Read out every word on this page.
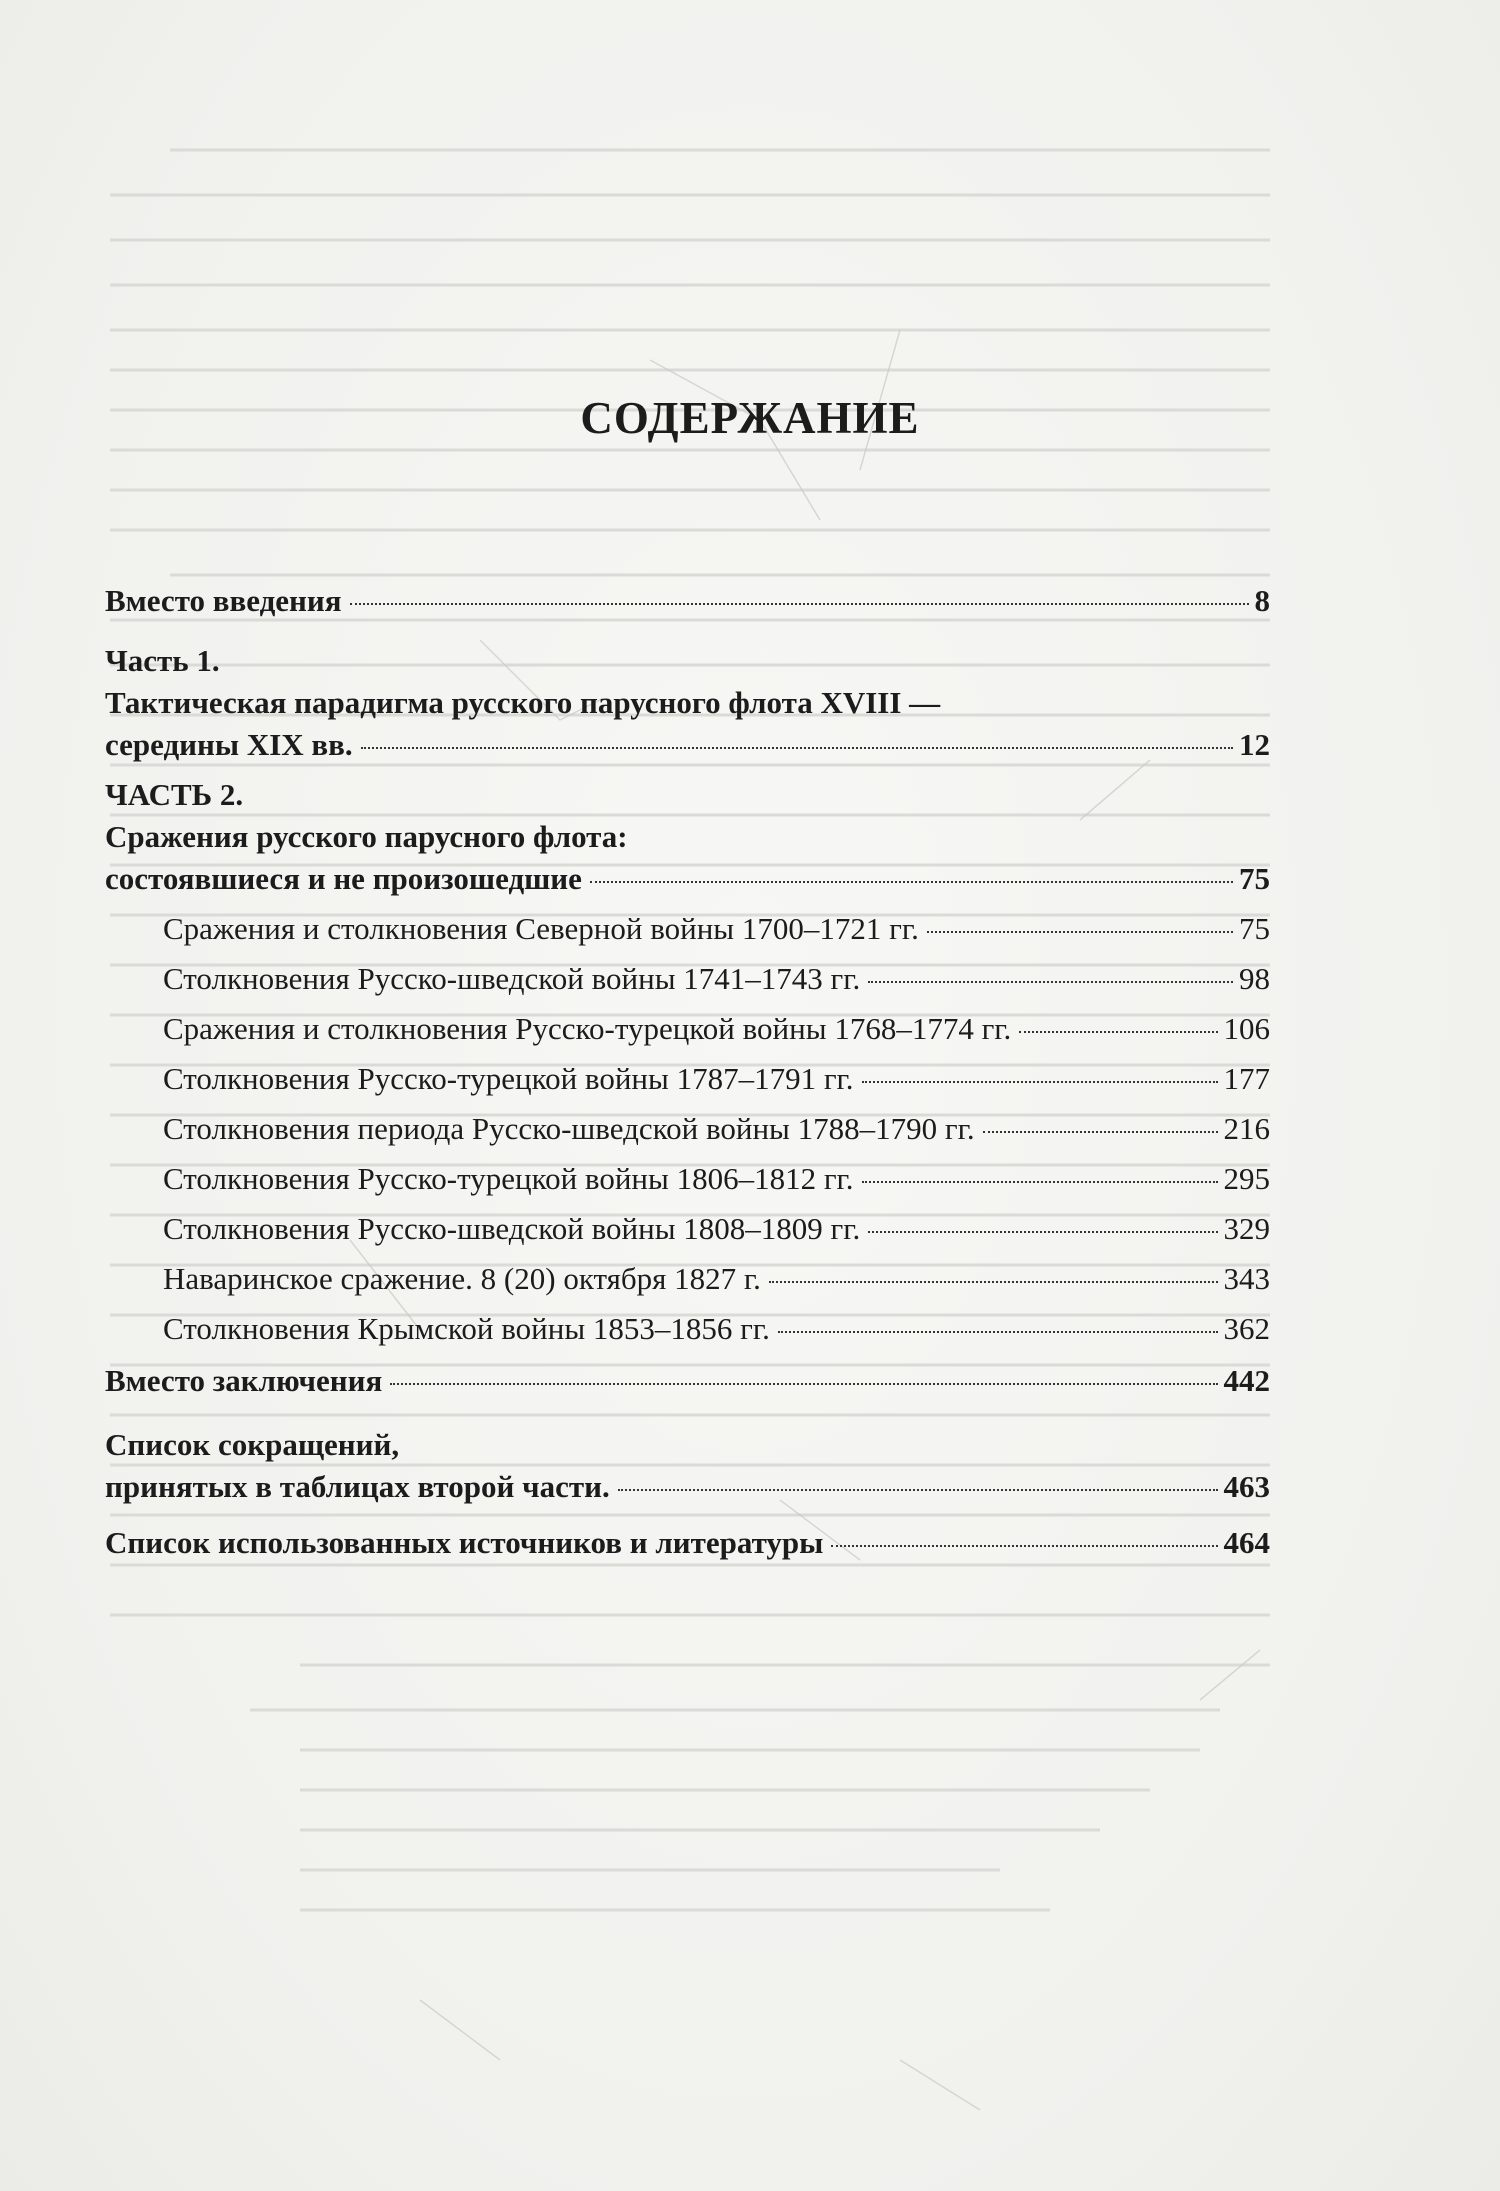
СОДЕРЖАНИЕ
Вместо введения	8
Часть 1.
Тактическая парадигма русского парусного флота XVIII —
середины XIX вв.	12
ЧАСТЬ 2.
Сражения русского парусного флота:
состоявшиеся и не произошедшие	75
Сражения и столкновения Северной войны 1700–1721 гг.	75
Столкновения Русско-шведской войны 1741–1743 гг.	98
Сражения и столкновения Русско-турецкой войны 1768–1774 гг.	106
Столкновения Русско-турецкой войны 1787–1791 гг.	177
Столкновения периода Русско-шведской войны 1788–1790 гг.	216
Столкновения Русско-турецкой войны 1806–1812 гг.	295
Столкновения Русско-шведской войны 1808–1809 гг.	329
Наваринское сражение. 8 (20) октября 1827 г.	343
Столкновения Крымской войны 1853–1856 гг.	362
Вместо заключения	442
Список сокращений,
принятых в таблицах второй части.	463
Список использованных источников и литературы	464
